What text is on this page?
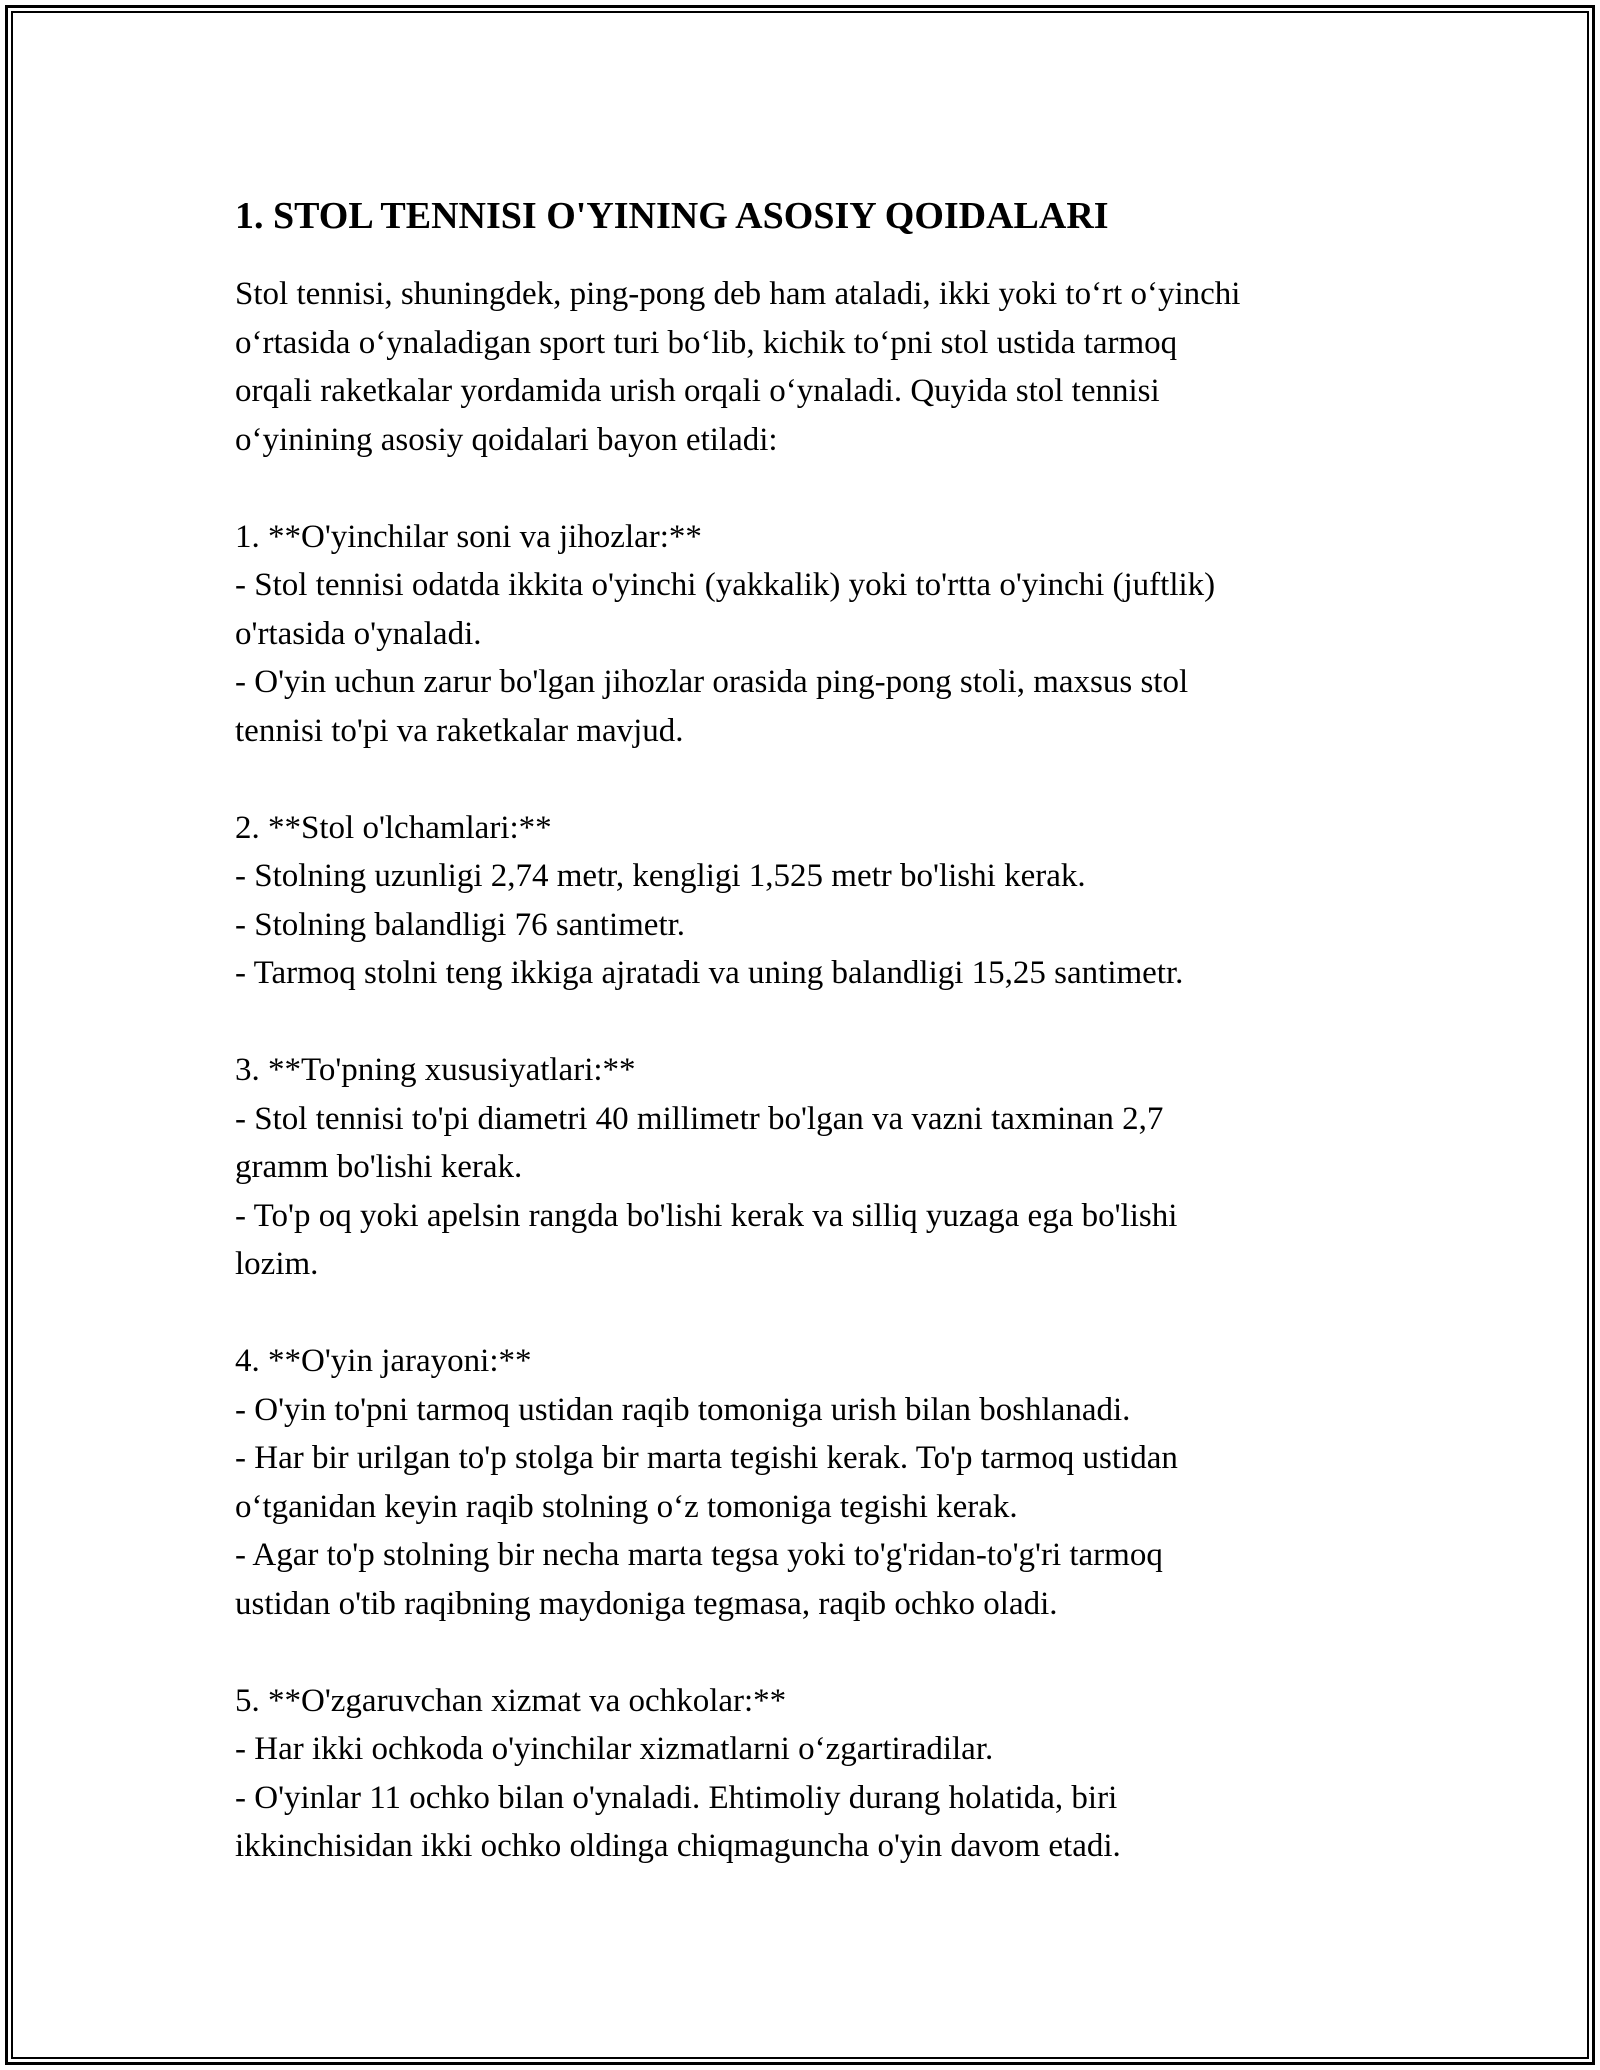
1. STOL TENNISI O'YINING ASOSIY QOIDALARI
Stol tennisi, shuningdek, ping-pong deb ham ataladi, ikki yoki to‘rt o‘yinchi
o‘rtasida o‘ynaladigan sport turi bo‘lib, kichik to‘pni stol ustida tarmoq
orqali raketkalar yordamida urish orqali o‘ynaladi. Quyida stol tennisi
o‘yinining asosiy qoidalari bayon etiladi:
1. **O'yinchilar soni va jihozlar:**
- Stol tennisi odatda ikkita o'yinchi (yakkalik) yoki to'rtta o'yinchi (juftlik)
o'rtasida o'ynaladi.
- O'yin uchun zarur bo'lgan jihozlar orasida ping-pong stoli, maxsus stol
tennisi to'pi va raketkalar mavjud.
2. **Stol o'lchamlari:**
- Stolning uzunligi 2,74 metr, kengligi 1,525 metr bo'lishi kerak.
- Stolning balandligi 76 santimetr.
- Tarmoq stolni teng ikkiga ajratadi va uning balandligi 15,25 santimetr.
3. **To'pning xususiyatlari:**
- Stol tennisi to'pi diametri 40 millimetr bo'lgan va vazni taxminan 2,7
gramm bo'lishi kerak.
- To'p oq yoki apelsin rangda bo'lishi kerak va silliq yuzaga ega bo'lishi
lozim.
4. **O'yin jarayoni:**
- O'yin to'pni tarmoq ustidan raqib tomoniga urish bilan boshlanadi.
- Har bir urilgan to'p stolga bir marta tegishi kerak. To'p tarmoq ustidan
o‘tganidan keyin raqib stolning o‘z tomoniga tegishi kerak.
- Agar to'p stolning bir necha marta tegsa yoki to'g'ridan-to'g'ri tarmoq
ustidan o'tib raqibning maydoniga tegmasa, raqib ochko oladi.
5. **O'zgaruvchan xizmat va ochkolar:**
- Har ikki ochkoda o'yinchilar xizmatlarni o‘zgartiradilar.
- O'yinlar 11 ochko bilan o'ynaladi. Ehtimoliy durang holatida, biri
ikkinchisidan ikki ochko oldinga chiqmaguncha o'yin davom etadi.
